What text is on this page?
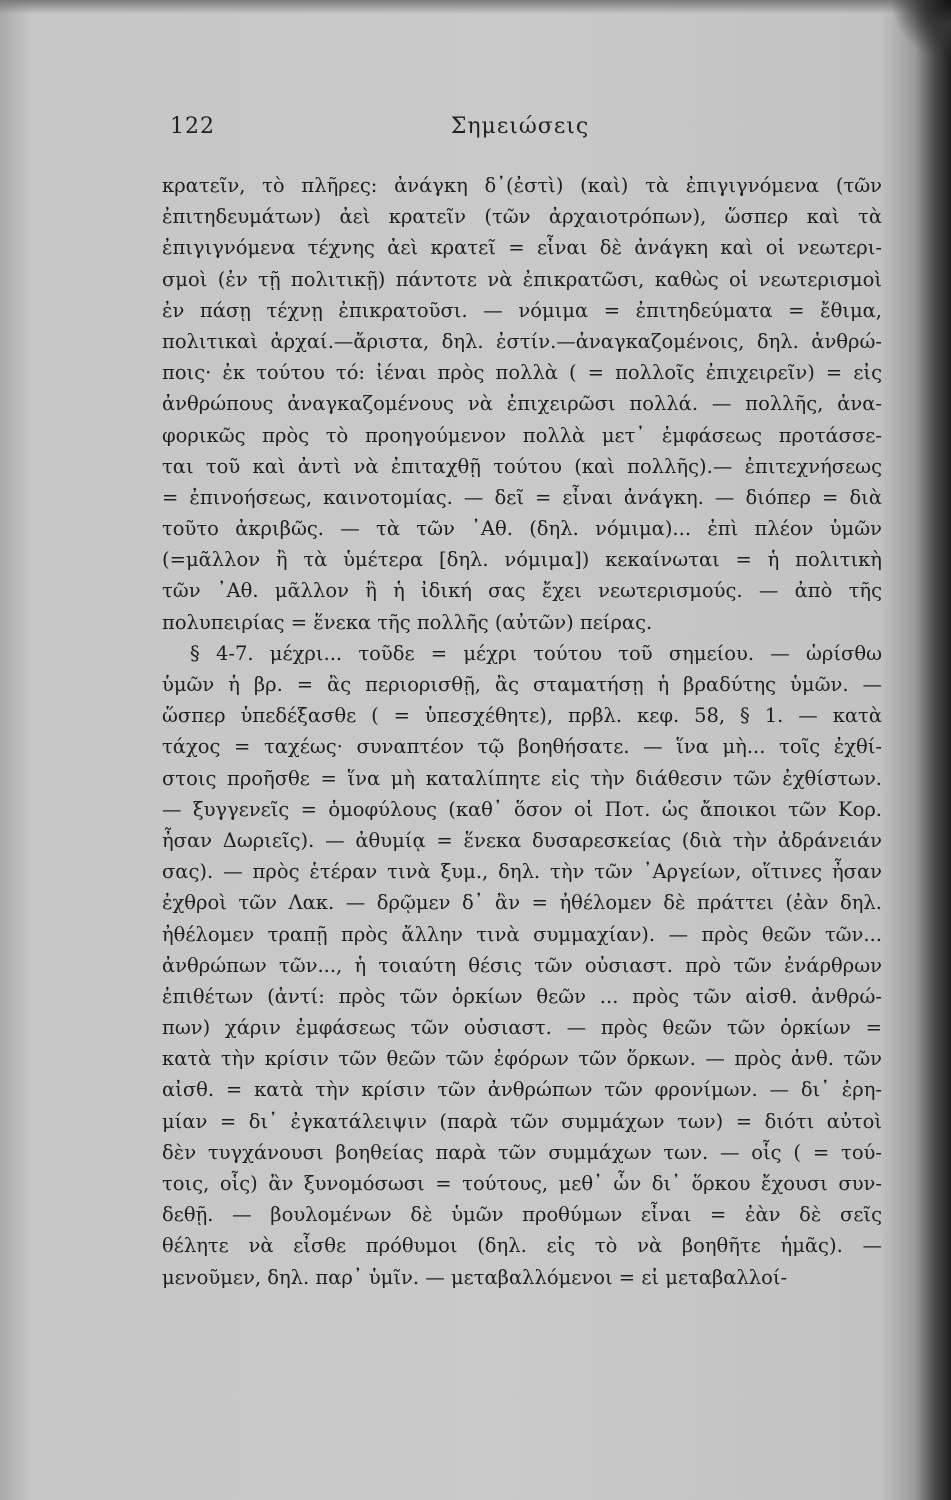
122	Σημειώσεις
κρατεῖν, τὸ πλῆρες: ἀνάγκη δ᾽(ἐστὶ) (καὶ) τὰ ἐπιγιγνόμενα (τῶν
ἐπιτηδευμάτων) ἀεὶ κρατεῖν (τῶν ἀρχαιοτρόπων), ὥσπερ καὶ τὰ
ἐπιγιγνόμενα τέχνης ἀεὶ κρατεῖ = εἶναι δὲ ἀνάγκη καὶ οἱ νεωτερι-
σμοὶ (ἐν τῇ πολιτικῇ) πάντοτε νὰ ἐπικρατῶσι, καθὼς οἱ νεωτερισμοὶ
ἐν πάσῃ τέχνῃ ἐπικρατοῦσι. — νόμιμα = ἐπιτηδεύματα = ἔθιμα,
πολιτικαὶ ἀρχαί.—ἄριστα, δηλ. ἐστίν.—ἀναγκαζομένοις, δηλ. ἀνθρώ-
ποις· ἐκ τούτου τό: ἰέναι πρὸς πολλὰ ( = πολλοῖς ἐπιχειρεῖν) = εἰς
ἀνθρώπους ἀναγκαζομένους νὰ ἐπιχειρῶσι πολλά. — πολλῆς, ἀνα-
φορικῶς πρὸς τὸ προηγούμενον πολλὰ μετ᾽ ἐμφάσεως προτάσσε-
ται τοῦ καὶ ἀντὶ νὰ ἐπιταχθῇ τούτου (καὶ πολλῆς).— ἐπιτεχνήσεως
= ἐπινοήσεως, καινοτομίας. — δεῖ = εἶναι ἀνάγκη. — διόπερ = διὰ
τοῦτο ἀκριβῶς. — τὰ τῶν ᾽Αθ. (δηλ. νόμιμα)... ἐπὶ πλέον ὑμῶν
(=μᾶλλον ἢ τὰ ὑμέτερα [δηλ. νόμιμα]) κεκαίνωται = ἡ πολιτικὴ
τῶν ᾽Αθ. μᾶλλον ἢ ἡ ἰδική σας ἔχει νεωτερισμούς. — ἀπὸ τῆς
πολυπειρίας = ἕνεκα τῆς πολλῆς (αὐτῶν) πείρας.
§ 4-7. μέχρι... τοῦδε = μέχρι τούτου τοῦ σημείου. — ὡρίσθω
ὑμῶν ἡ βρ. = ἂς περιορισθῇ, ἂς σταματήσῃ ἡ βραδύτης ὑμῶν. —
ὥσπερ ὑπεδέξασθε ( = ὑπεσχέθητε), πρβλ. κεφ. 58, § 1. — κατὰ
τάχος = ταχέως· συναπτέον τῷ βοηθήσατε. — ἵνα μὴ... τοῖς ἐχθί-
στοις προῆσθε = ἵνα μὴ καταλίπητε εἰς τὴν διάθεσιν τῶν ἐχθίστων.
— ξυγγενεῖς = ὁμοφύλους (καθ᾽ ὅσον οἱ Ποτ. ὡς ἄποικοι τῶν Κορ.
ἦσαν Δωριεῖς). — ἀθυμίᾳ = ἕνεκα δυσαρεσκείας (διὰ τὴν ἀδράνειάν
σας). — πρὸς ἑτέραν τινὰ ξυμ., δηλ. τὴν τῶν ᾽Αργείων, οἵτινες ἦσαν
ἐχθροὶ τῶν Λακ. — δρῷμεν δ᾽ ἂν = ἠθέλομεν δὲ πράττει (ἐὰν δηλ.
ἠθέλομεν τραπῇ πρὸς ἄλλην τινὰ συμμαχίαν). — πρὸς θεῶν τῶν...
ἀνθρώπων τῶν..., ἡ τοιαύτη θέσις τῶν οὐσιαστ. πρὸ τῶν ἐνάρθρων
ἐπιθέτων (ἀντί: πρὸς τῶν ὁρκίων θεῶν ... πρὸς τῶν αἰσθ. ἀνθρώ-
πων) χάριν ἐμφάσεως τῶν οὐσιαστ. — πρὸς θεῶν τῶν ὁρκίων =
κατὰ τὴν κρίσιν τῶν θεῶν τῶν ἐφόρων τῶν ὅρκων. — πρὸς ἀνθ. τῶν
αἰσθ. = κατὰ τὴν κρίσιν τῶν ἀνθρώπων τῶν φρονίμων. — δι᾽ ἐρη-
μίαν = δι᾽ ἐγκατάλειψιν (παρὰ τῶν συμμάχων των) = διότι αὐτοὶ
δὲν τυγχάνουσι βοηθείας παρὰ τῶν συμμάχων των. — οἷς ( = τού-
τοις, οἷς) ἂν ξυνομόσωσι = τούτους, μεθ᾽ ὧν δι᾽ ὅρκου ἔχουσι συν-
δεθῇ. — βουλομένων δὲ ὑμῶν προθύμων εἶναι = ἐὰν δὲ σεῖς
θέλητε νὰ εἶσθε πρόθυμοι (δηλ. εἰς τὸ νὰ βοηθῆτε ἡμᾶς). —
μενοῦμεν, δηλ. παρ᾽ ὑμῖν. — μεταβαλλόμενοι = εἰ μεταβαλλοί-
